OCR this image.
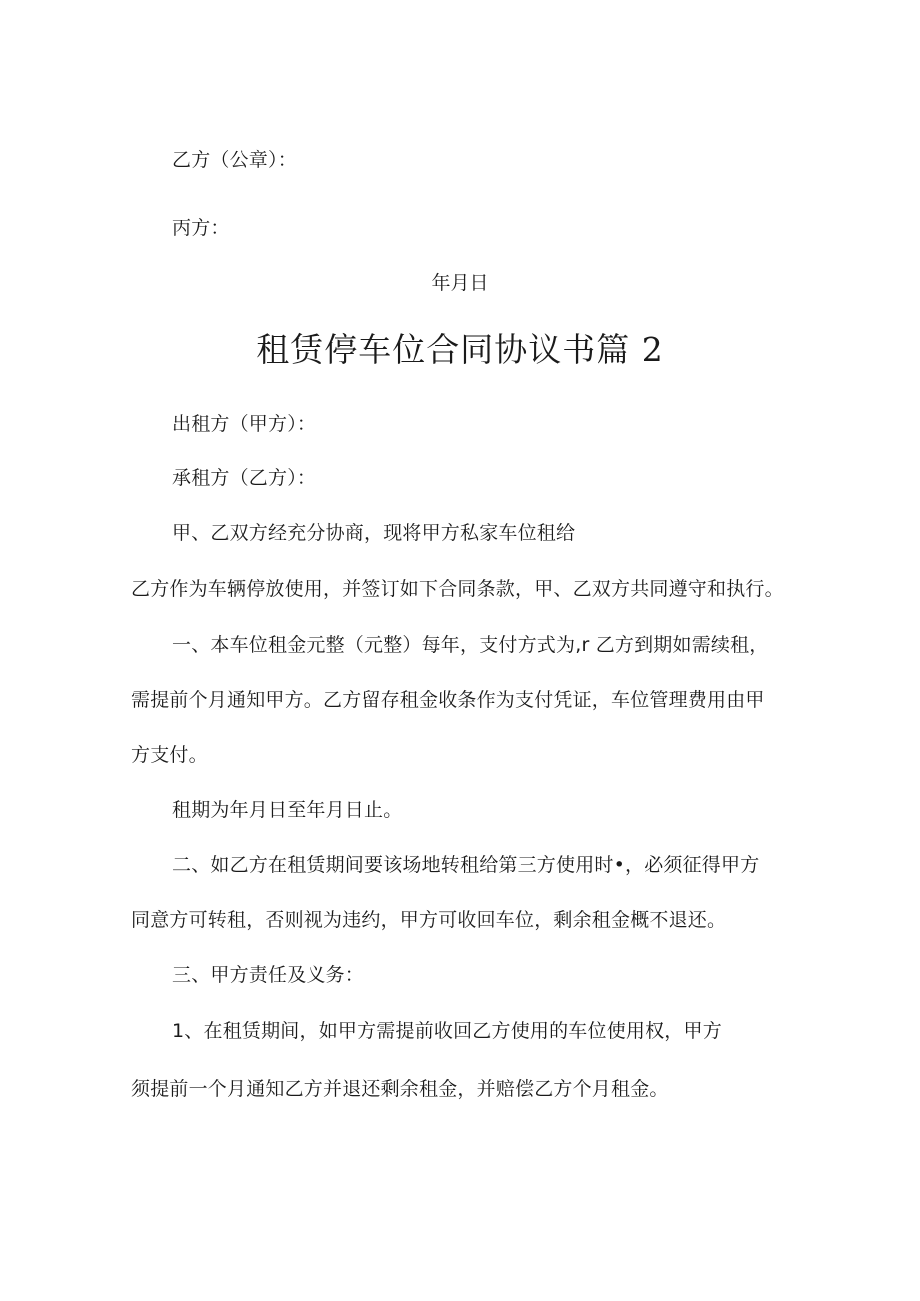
乙方（公章）：
丙方：
年月日
租赁停车位合同协议书篇 2
出租方（甲方）：
承租方（乙方）：
甲、乙双方经充分协商，现将甲方私家车位租给
乙方作为车辆停放使用，并签订如下合同条款，甲、乙双方共同遵守和执行。
一、本车位租金元整（元整）每年，支付方式为,r 乙方到期如需续租，
需提前个月通知甲方。乙方留存租金收条作为支付凭证，车位管理费用由甲
方支付。
租期为年月日至年月日止。
二、如乙方在租赁期间要该场地转租给第三方使用时•，必须征得甲方
同意方可转租，否则视为违约，甲方可收回车位，剩余租金概不退还。
三、甲方责任及义务：
1、在租赁期间，如甲方需提前收回乙方使用的车位使用权，甲方
须提前一个月通知乙方并退还剩余租金，并赔偿乙方个月租金。
